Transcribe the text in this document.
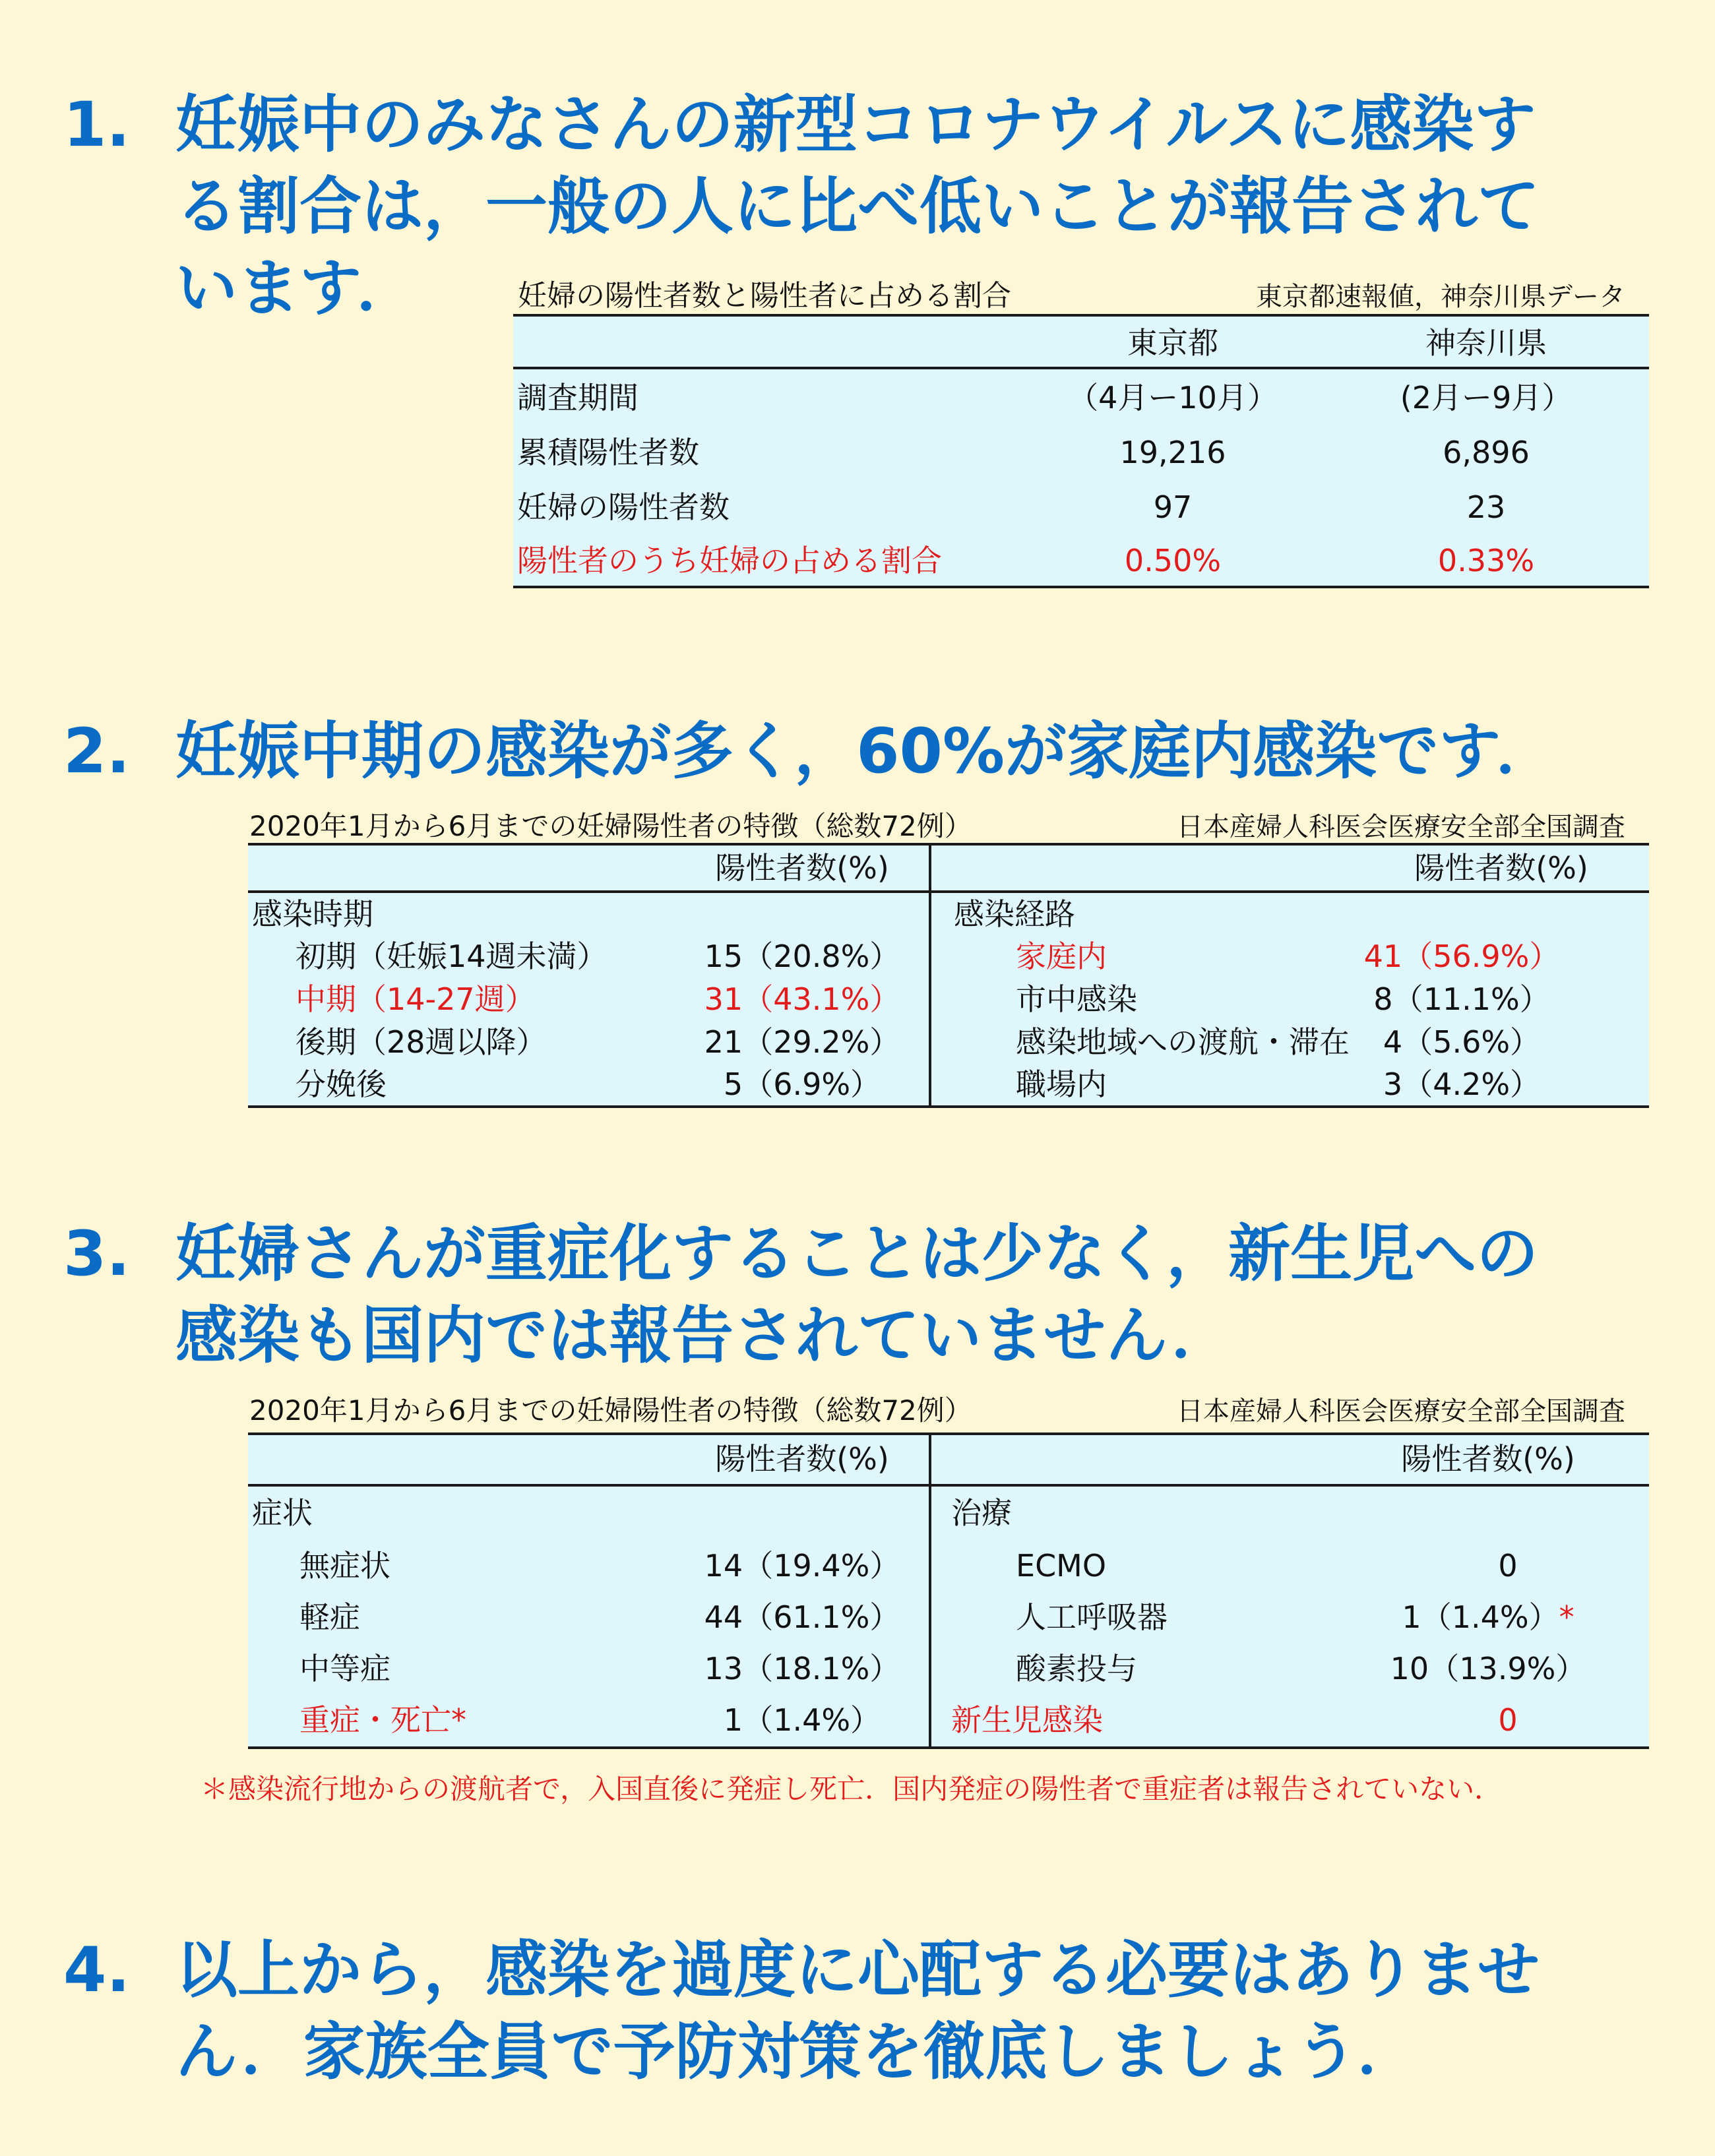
1. 妊娠中のみなさんの新型コロナウイルスに感染す
る割合は，一般の人に比べ低いことが報告されて
います．	妊婦の陽性者数と陽性者に占める割合	東京都速報値，神奈川県データ
東京都	神奈川県
調査期間	（4月ー10月）	(2月ー9月）
累積陽性者数	19,216	6,896
妊婦の陽性者数	97	23
陽性者のうち妊婦の占める割合	0.50%	0.33%
2. 妊娠中期の感染が多く，60%が家庭内感染です．
2020年1月から6月までの妊婦陽性者の特徴（総数72例）	日本産婦人科医会医療安全部全国調査
陽性者数(%)	陽性者数(%)
感染時期
初期（妊娠14週未満）	15（20.8%）
中期（14-27週）	31（43.1%）
後期（28週以降）	21（29.2%）
分娩後	5（6.9%）
感染経路
家庭内	41（56.9%）
市中感染	8（11.1%）
感染地域への渡航・滞在	4（5.6%）
職場内	3（4.2%）
3. 妊婦さんが重症化することは少なく，新生児への
感染も国内では報告されていません．
2020年1月から6月までの妊婦陽性者の特徴（総数72例）	日本産婦人科医会医療安全部全国調査
陽性者数(%)	陽性者数(%)
症状
無症状	14（19.4%）
軽症	44（61.1%）
中等症	13（18.1%）
重症・死亡*	1（1.4%）
治療
ECMO	0
人工呼吸器	1（1.4%）*
酸素投与	10（13.9%）
新生児感染	0
＊感染流行地からの渡航者で，入国直後に発症し死亡．国内発症の陽性者で重症者は報告されていない．
4. 以上から，感染を過度に心配する必要はありませ
ん．家族全員で予防対策を徹底しましょう．
